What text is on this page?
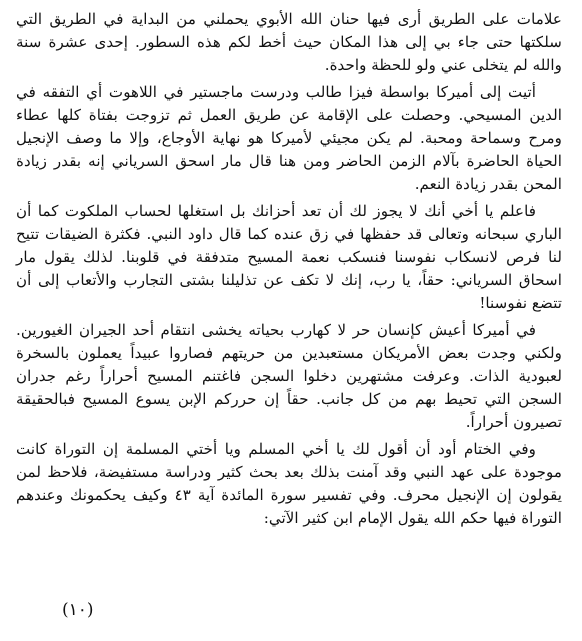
علامات على الطريق أرى فيها حنان الله الأبوي يحملني من البداية في الطريق التي سلكتها حتى جاء بي إلى هذا المكان حيث أخط لكم هذه السطور. إحدى عشرة سنة والله لم يتخلى عني ولو للحظة واحدة.

أتيت إلى أميركا بواسطة فيزا طالب ودرست ماجستير في اللاهوت أي التفقه في الدين المسيحي. وحصلت على الإقامة عن طريق العمل ثم تزوجت بفتاة كلها عطاء ومرح وسماحة ومحبة. لم يكن مجيئي لأميركا هو نهاية الأوجاع، وإلا ما وصف الإنجيل الحياة الحاضرة بآلام الزمن الحاضر ومن هنا قال مار اسحق السرياني إنه بقدر زيادة المحن بقدر زيادة النعم.

فاعلم يا أخي أنك لا يجوز لك أن تعد أحزانك بل استغلها لحساب الملكوت كما أن الباري سبحانه وتعالى قد حفظها في زق عنده كما قال داود النبي. فكثرة الضيقات تتيح لنا فرص لانسكاب نفوسنا فنسكب نعمة المسيح متدفقة في قلوبنا. لذلك يقول مار اسحاق السرياني: حقاً، يا رب، إنك لا تكف عن تذليلنا بشتى التجارب والأتعاب إلى أن تتضع نفوسنا!

في أميركا أعيش كإنسان حر لا كهارب بحياته يخشى انتقام أحد الجيران الغيورين. ولكني وجدت بعض الأمريكان مستعبدين من حريتهم فصاروا عبيداً يعملون بالسخرة لعبودية الذات. وعرفت مشتهرين دخلوا السجن فاغتنم المسيح أحراراً رغم جدران السجن التي تحيط بهم من كل جانب. حقاً إن حرركم الإبن يسوع المسيح فبالحقيقة تصيرون أحراراً.

وفي الختام أود أن أقول لك يا أخي المسلم ويا أختي المسلمة إن التوراة كانت موجودة على عهد النبي وقد آمنت بذلك بعد بحث كثير ودراسة مستفيضة، فلاحظ لمن يقولون إن الإنجيل محرف. وفي تفسير سورة المائدة آية ٤٣ وكيف يحكمونك وعندهم التوراة فيها حكم الله يقول الإمام ابن كثير الآتي:

(١٠)
